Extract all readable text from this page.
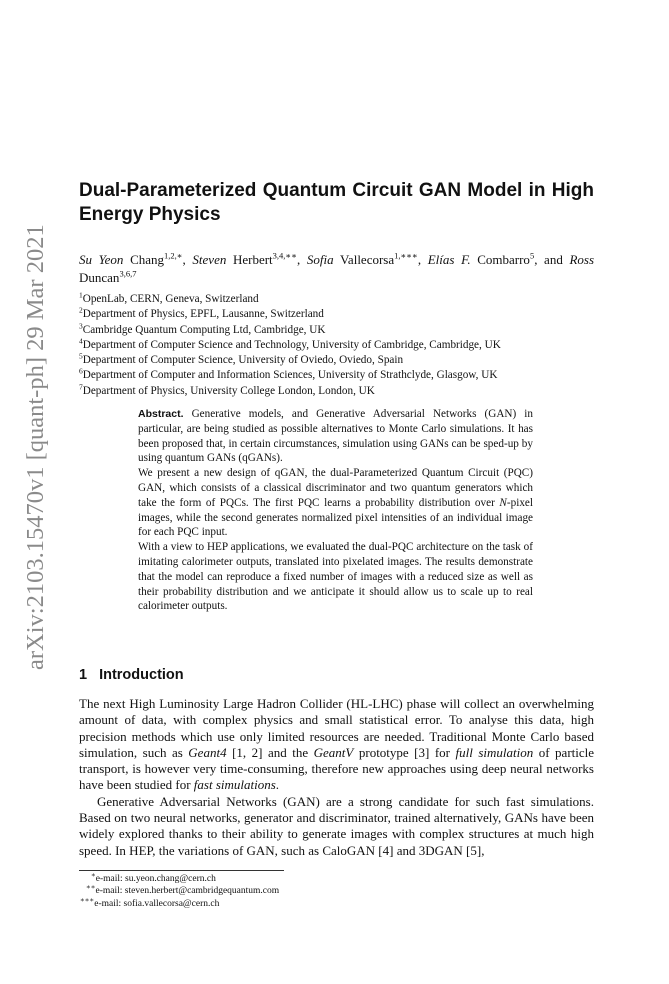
arXiv:2103.15470v1 [quant-ph] 29 Mar 2021
Dual-Parameterized Quantum Circuit GAN Model in High Energy Physics
Su Yeon Chang$^{1,2,∗}$, Steven Herbert$^{3,4,∗∗}$, Sofia Vallecorsa$^{1,∗∗∗}$, Elías F. Combarro$^5$, and Ross Duncan$^{3,6,7}$
$^1$OpenLab, CERN, Geneva, Switzerland
$^2$Department of Physics, EPFL, Lausanne, Switzerland
$^3$Cambridge Quantum Computing Ltd, Cambridge, UK
$^4$Department of Computer Science and Technology, University of Cambridge, Cambridge, UK
$^5$Department of Computer Science, University of Oviedo, Oviedo, Spain
$^6$Department of Computer and Information Sciences, University of Strathclyde, Glasgow, UK
$^7$Department of Physics, University College London, London, UK

Abstract. Generative models, and Generative Adversarial Networks (GAN) in particular, are being studied as possible alternatives to Monte Carlo simulations. It has been proposed that, in certain circumstances, simulation using GANs can be sped-up by using quantum GANs (qGANs).

We present a new design of qGAN, the dual-Parameterized Quantum Circuit (PQC) GAN, which consists of a classical discriminator and two quantum generators which take the form of PQCs. The first PQC learns a probability distribution over N-pixel images, while the second generates normalized pixel intensities of an individual image for each PQC input.

With a view to HEP applications, we evaluated the dual-PQC architecture on the task of imitating calorimeter outputs, translated into pixelated images. The results demonstrate that the model can reproduce a fixed number of images with a reduced size as well as their probability distribution and we anticipate it should allow us to scale up to real calorimeter outputs.

1 Introduction

The next High Luminosity Large Hadron Collider (HL-LHC) phase will collect an overwhelming amount of data, with complex physics and small statistical error. To analyse this data, high precision methods which use only limited resources are needed. Traditional Monte Carlo based simulation, such as Geant4 [1, 2] and the GeantV prototype [3] for full simulation of particle transport, is however very time-consuming, therefore new approaches using deep neural networks have been studied for fast simulations.

Generative Adversarial Networks (GAN) are a strong candidate for such fast simulations. Based on two neural networks, generator and discriminator, trained alternatively, GANs have been widely explored thanks to their ability to generate images with complex structures at much high speed. In HEP, the variations of GAN, such as CaloGAN [4] and 3DGAN [5],

∗e-mail: su.yeon.chang@cern.ch
∗∗e-mail: steven.herbert@cambridgequantum.com
∗∗∗e-mail: sofia.vallecorsa@cern.ch
